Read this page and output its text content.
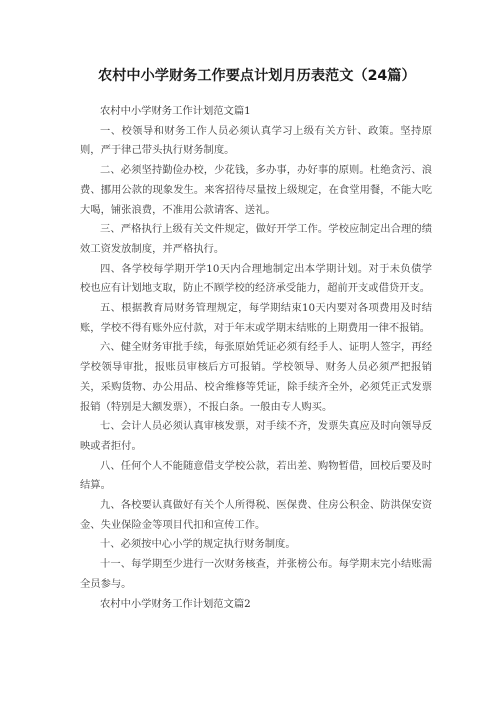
农村中小学财务工作要点计划月历表范文（24篇）

农村中小学财务工作计划范文篇1

一、校领导和财务工作人员必须认真学习上级有关方针、政策。坚持原则，严于律己带头执行财务制度。

二、必须坚持勤俭办校，少花钱，多办事，办好事的原则。杜绝贪污、浪费、挪用公款的现象发生。来客招待尽量按上级规定，在食堂用餐，不能大吃大喝，铺张浪费，不准用公款请客、送礼。

三、严格执行上级有关文件规定，做好开学工作。学校应制定出合理的绩效工资发放制度，并严格执行。

四、各学校每学期开学10天内合理地制定出本学期计划。对于未负债学校也应有计划地支取，防止不顾学校的经济承受能力，超前开支或借贷开支。

五、根据教育局财务管理规定，每学期结束10天内要对各项费用及时结账，学校不得有账外应付款，对于年末或学期末结账的上期费用一律不报销。

六、健全财务审批手续，每张原始凭证必须有经手人、证明人签字，再经学校领导审批，报账员审核后方可报销。学校领导、财务人员必须严把报销关，采购货物、办公用品、校舍维修等凭证，除手续齐全外，必须凭正式发票报销（特别是大额发票），不报白条。一般由专人购买。

七、会计人员必须认真审核发票，对手续不齐，发票失真应及时向领导反映或者拒付。

八、任何个人不能随意借支学校公款，若出差、购物暂借，回校后要及时结算。

九、各校要认真做好有关个人所得税、医保费、住房公积金、防洪保安资金、失业保险金等项目代扣和宣传工作。

十、必须按中心小学的规定执行财务制度。

十一、每学期至少进行一次财务核查，并张榜公布。每学期末完小结账需全员参与。

农村中小学财务工作计划范文篇2
